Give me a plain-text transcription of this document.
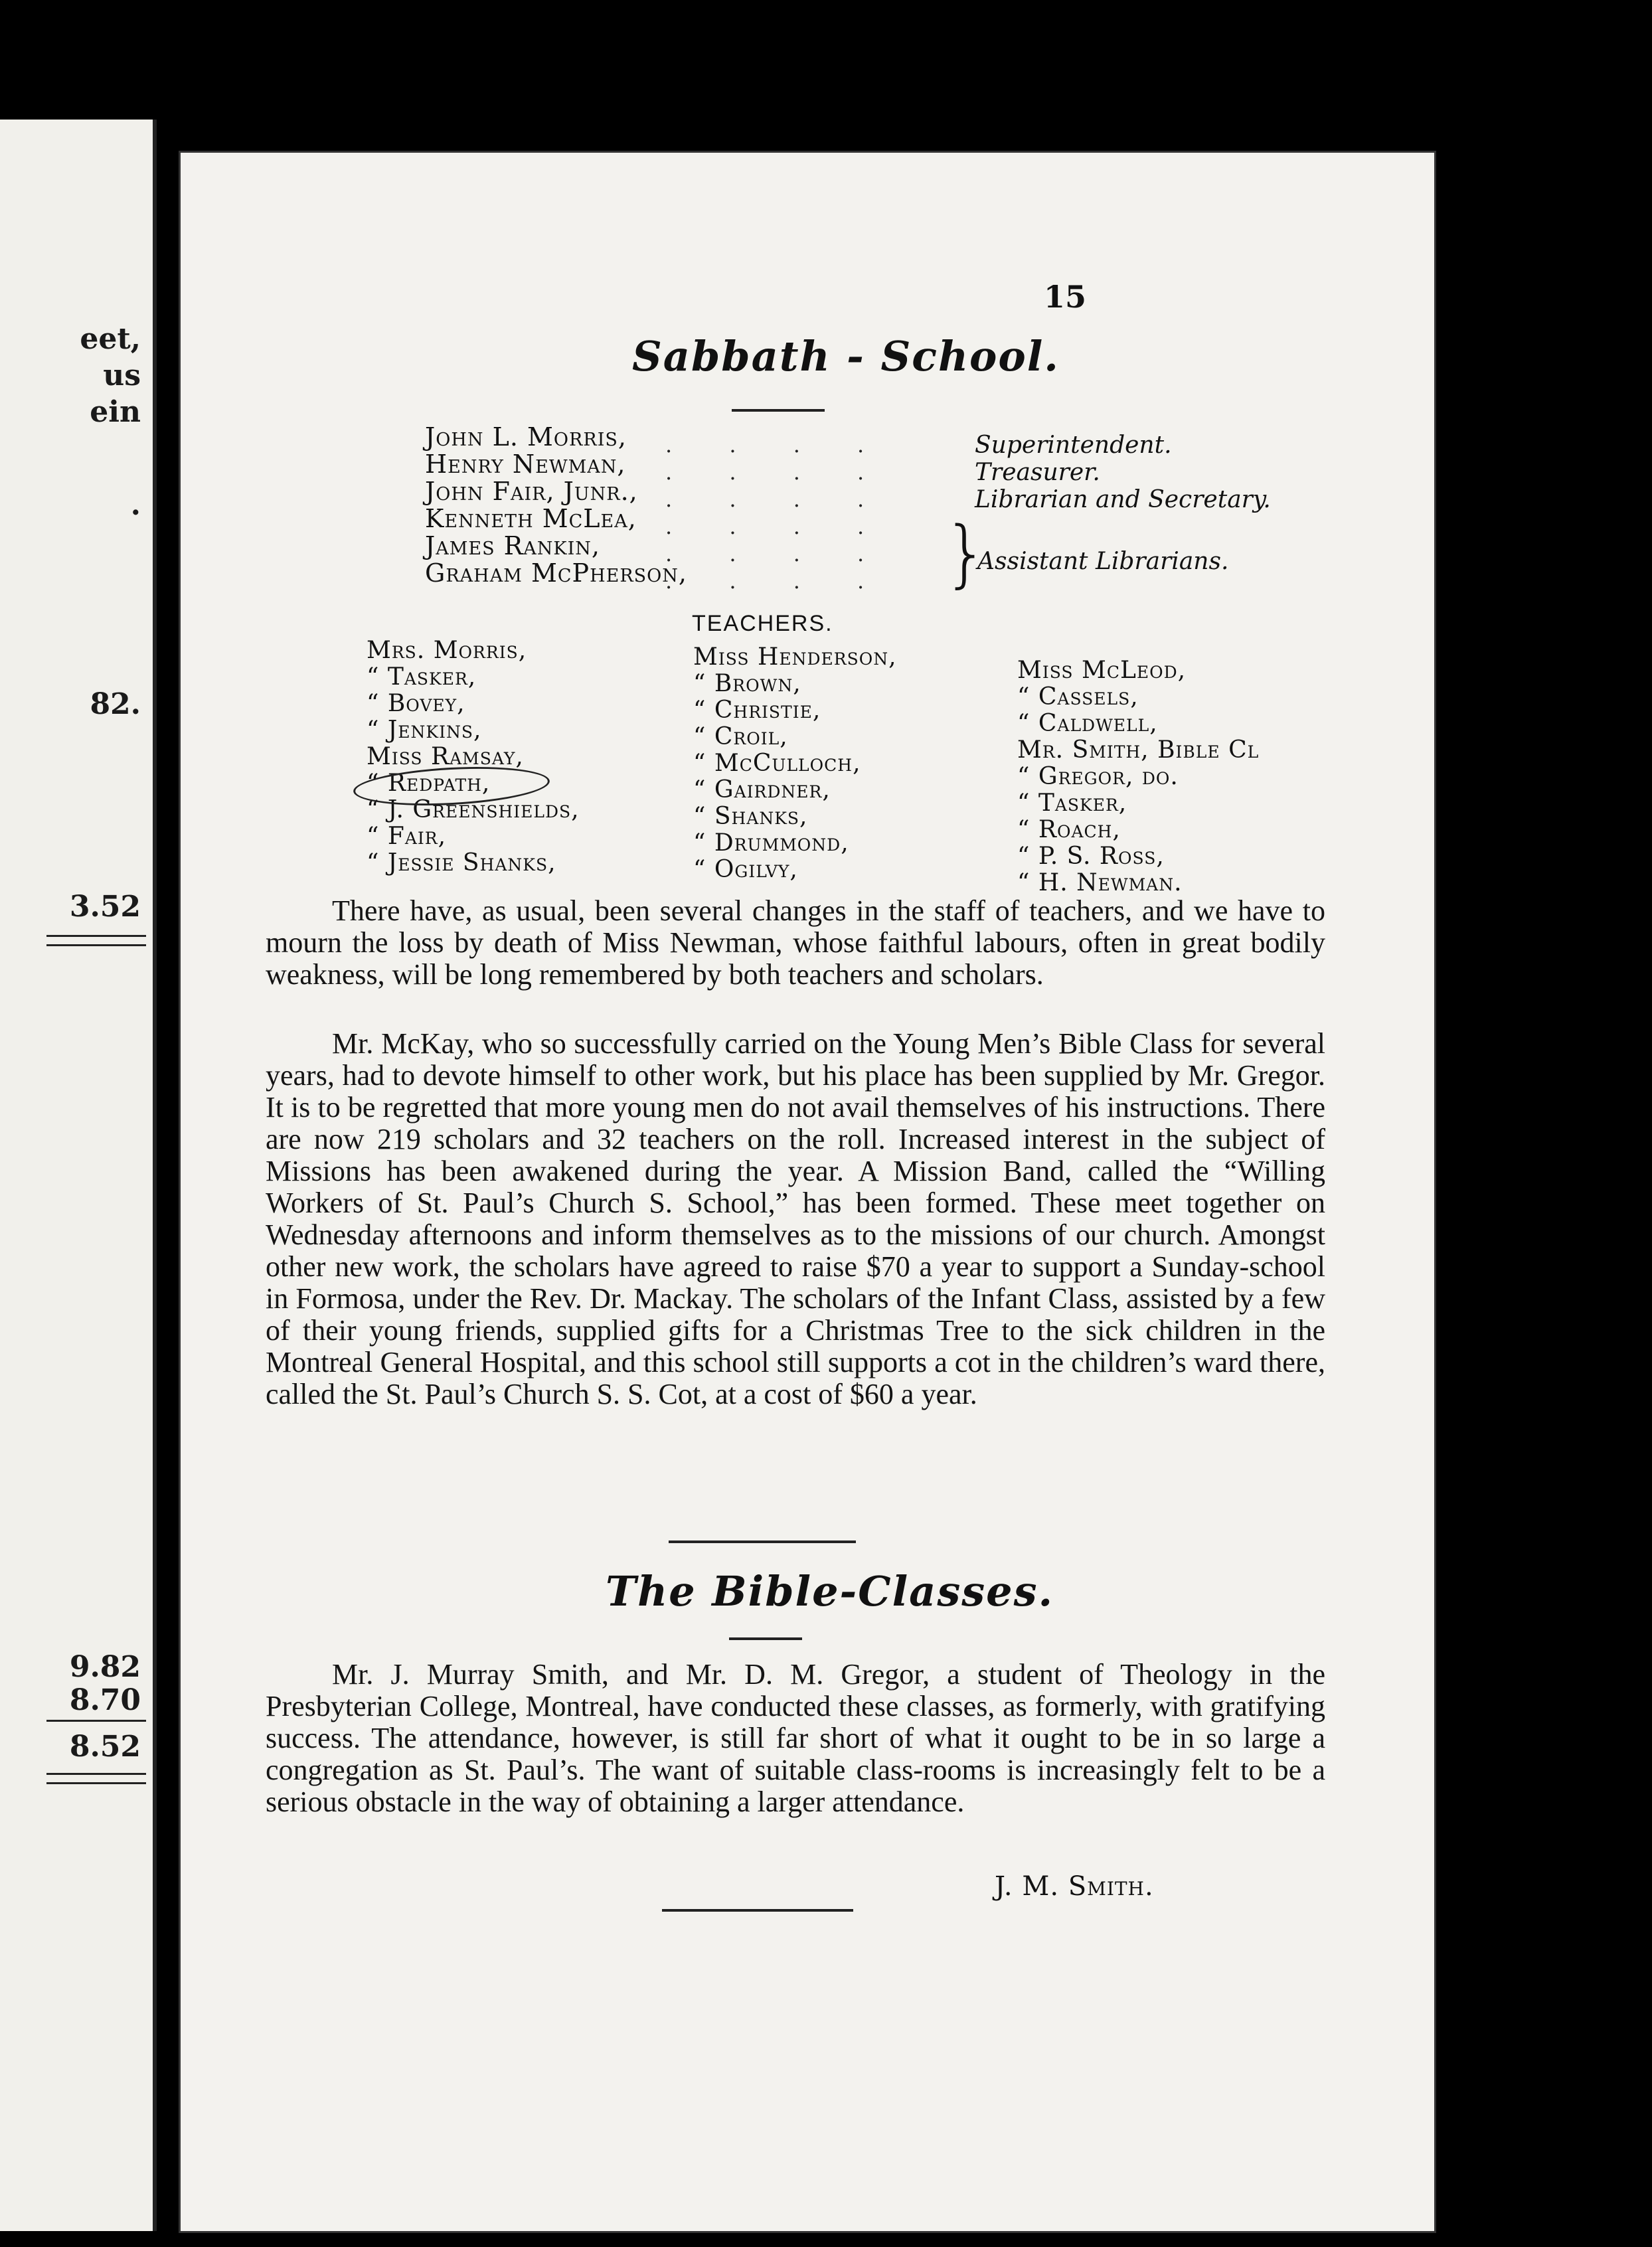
eet,
us
ein
.
82.
3.52
9.82
8.70
8.52
15
Sabbath - School.
John L. Morris,
Henry Newman,
John Fair, Junr.,
Kenneth McLea,
James Rankin,
Graham McPherson,
. . . .
. . . .
. . . .
. . . .
. . . .
. . . .
Superintendent.
Treasurer.
Librarian and Secretary.
}
Assistant Librarians.
TEACHERS.
Mrs. Morris,
“ Tasker,
“ Bovey,
“ Jenkins,
Miss Ramsay,
“ Redpath,
“ J. Greenshields,
“ Fair,
“ Jessie Shanks,
Miss Henderson,
“ Brown,
“ Christie,
“ Croil,
“ McCulloch,
“ Gairdner,
“ Shanks,
“ Drummond,
“ Ogilvy,
Miss McLeod,
“ Cassels,
“ Caldwell,
Mr. Smith, Bible Cl
“ Gregor, do.
“ Tasker,
“ Roach,
“ P. S. Ross,
“ H. Newman.
There have, as usual, been several changes in the staff of teachers, and we have to mourn the loss by death of Miss Newman, whose faithful labours, often in great bodily weakness, will be long remembered by both teachers and scholars.
Mr. McKay, who so successfully carried on the Young Men’s Bible Class for several years, had to devote himself to other work, but his place has been supplied by Mr. Gregor. It is to be regretted that more young men do not avail themselves of his instructions. There are now 219 scholars and 32 teachers on the roll. Increased interest in the subject of Missions has been awakened during the year. A Mission Band, called the “Willing Workers of St. Paul’s Church S. School,” has been formed. These meet together on Wednesday afternoons and inform themselves as to the missions of our church. Amongst other new work, the scholars have agreed to raise $70 a year to support a Sunday-school in Formosa, under the Rev. Dr. Mackay. The scholars of the Infant Class, assisted by a few of their young friends, supplied gifts for a Christmas Tree to the sick children in the Montreal General Hospital, and this school still supports a cot in the children’s ward there, called the St. Paul’s Church S. S. Cot, at a cost of $60 a year.
The Bible-Classes.
Mr. J. Murray Smith, and Mr. D. M. Gregor, a student of Theology in the Presbyterian College, Montreal, have conducted these classes, as formerly, with gratifying success. The attendance, however, is still far short of what it ought to be in so large a congregation as St. Paul’s. The want of suitable class-rooms is increasingly felt to be a serious obstacle in the way of obtaining a larger attendance.
J. M. Smith.
